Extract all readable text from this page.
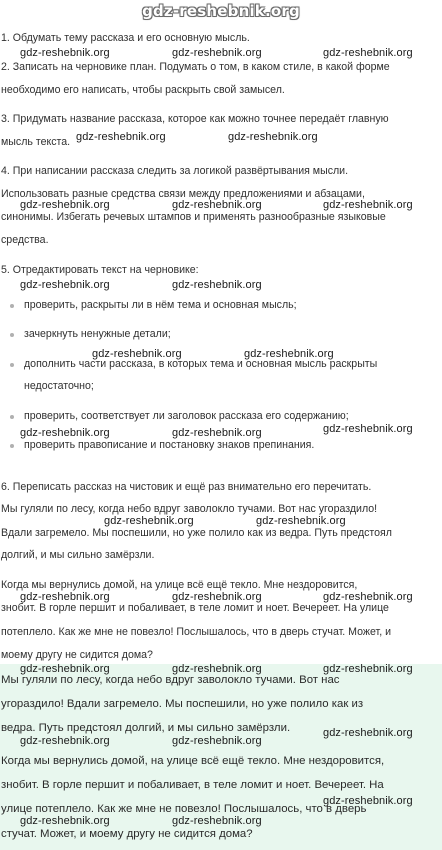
gdz-reshebnik.org
1. Обдумать тему рассказа и его основную мысль.
2. Записать на черновике план. Подумать о том, в каком стиле, в какой форме
необходимо его написать, чтобы раскрыть свой замысел.
3. Придумать название рассказа, которое как можно точнее передаёт главную
мысль текста.
4. При написании рассказа следить за логикой развёртывания мысли.
Использовать разные средства связи между предложениями и абзацами,
синонимы. Избегать речевых штампов и применять разнообразные языковые
средства.
5. Отредактировать текст на черновике:
проверить, раскрыты ли в нём тема и основная мысль;
зачеркнуть ненужные детали;
дополнить части рассказа, в которых тема и основная мысль раскрыты
недостаточно;
проверить, соответствует ли заголовок рассказа его содержанию;
проверить правописание и постановку знаков препинания.
6. Переписать рассказ на чистовик и ещё раз внимательно его перечитать.
Мы гуляли по лесу, когда небо вдруг заволокло тучами. Вот нас угораздило!
Вдали загремело. Мы поспешили, но уже полило как из ведра. Путь предстоял
долгий, и мы сильно замёрзли.
Когда мы вернулись домой, на улице всё ещё текло. Мне нездоровится,
знобит. В горле першит и побаливает, в теле ломит и ноет. Вечереет. На улице
потеплело. Как же мне не повезло! Послышалось, что в дверь стучат. Может, и
моему другу не сидится дома?
Мы гуляли по лесу, когда небо вдруг заволокло тучами. Вот нас
угораздило! Вдали загремело. Мы поспешили, но уже полило как из
ведра. Путь предстоял долгий, и мы сильно замёрзли.
Когда мы вернулись домой, на улице всё ещё текло. Мне нездоровится,
знобит. В горле першит и побаливает, в теле ломит и ноет. Вечереет. На
улице потеплело. Как же мне не повезло! Послышалось, что в дверь
стучат. Может, и моему другу не сидится дома?
gdz-reshebnik.org	gdz-reshebnik.org	gdz-reshebnik.org
gdz-reshebnik.org	gdz-reshebnik.org
gdz-reshebnik.org	gdz-reshebnik.org	gdz-reshebnik.org
gdz-reshebnik.org	gdz-reshebnik.org
gdz-reshebnik.org	gdz-reshebnik.org
gdz-reshebnik.org
gdz-reshebnik.org	gdz-reshebnik.org
gdz-reshebnik.org	gdz-reshebnik.org
gdz-reshebnik.org	gdz-reshebnik.org	gdz-reshebnik.org
gdz-reshebnik.org	gdz-reshebnik.org	gdz-reshebnik.org
gdz-reshebnik.org
gdz-reshebnik.org	gdz-reshebnik.org
gdz-reshebnik.org
gdz-reshebnik.org	gdz-reshebnik.org
